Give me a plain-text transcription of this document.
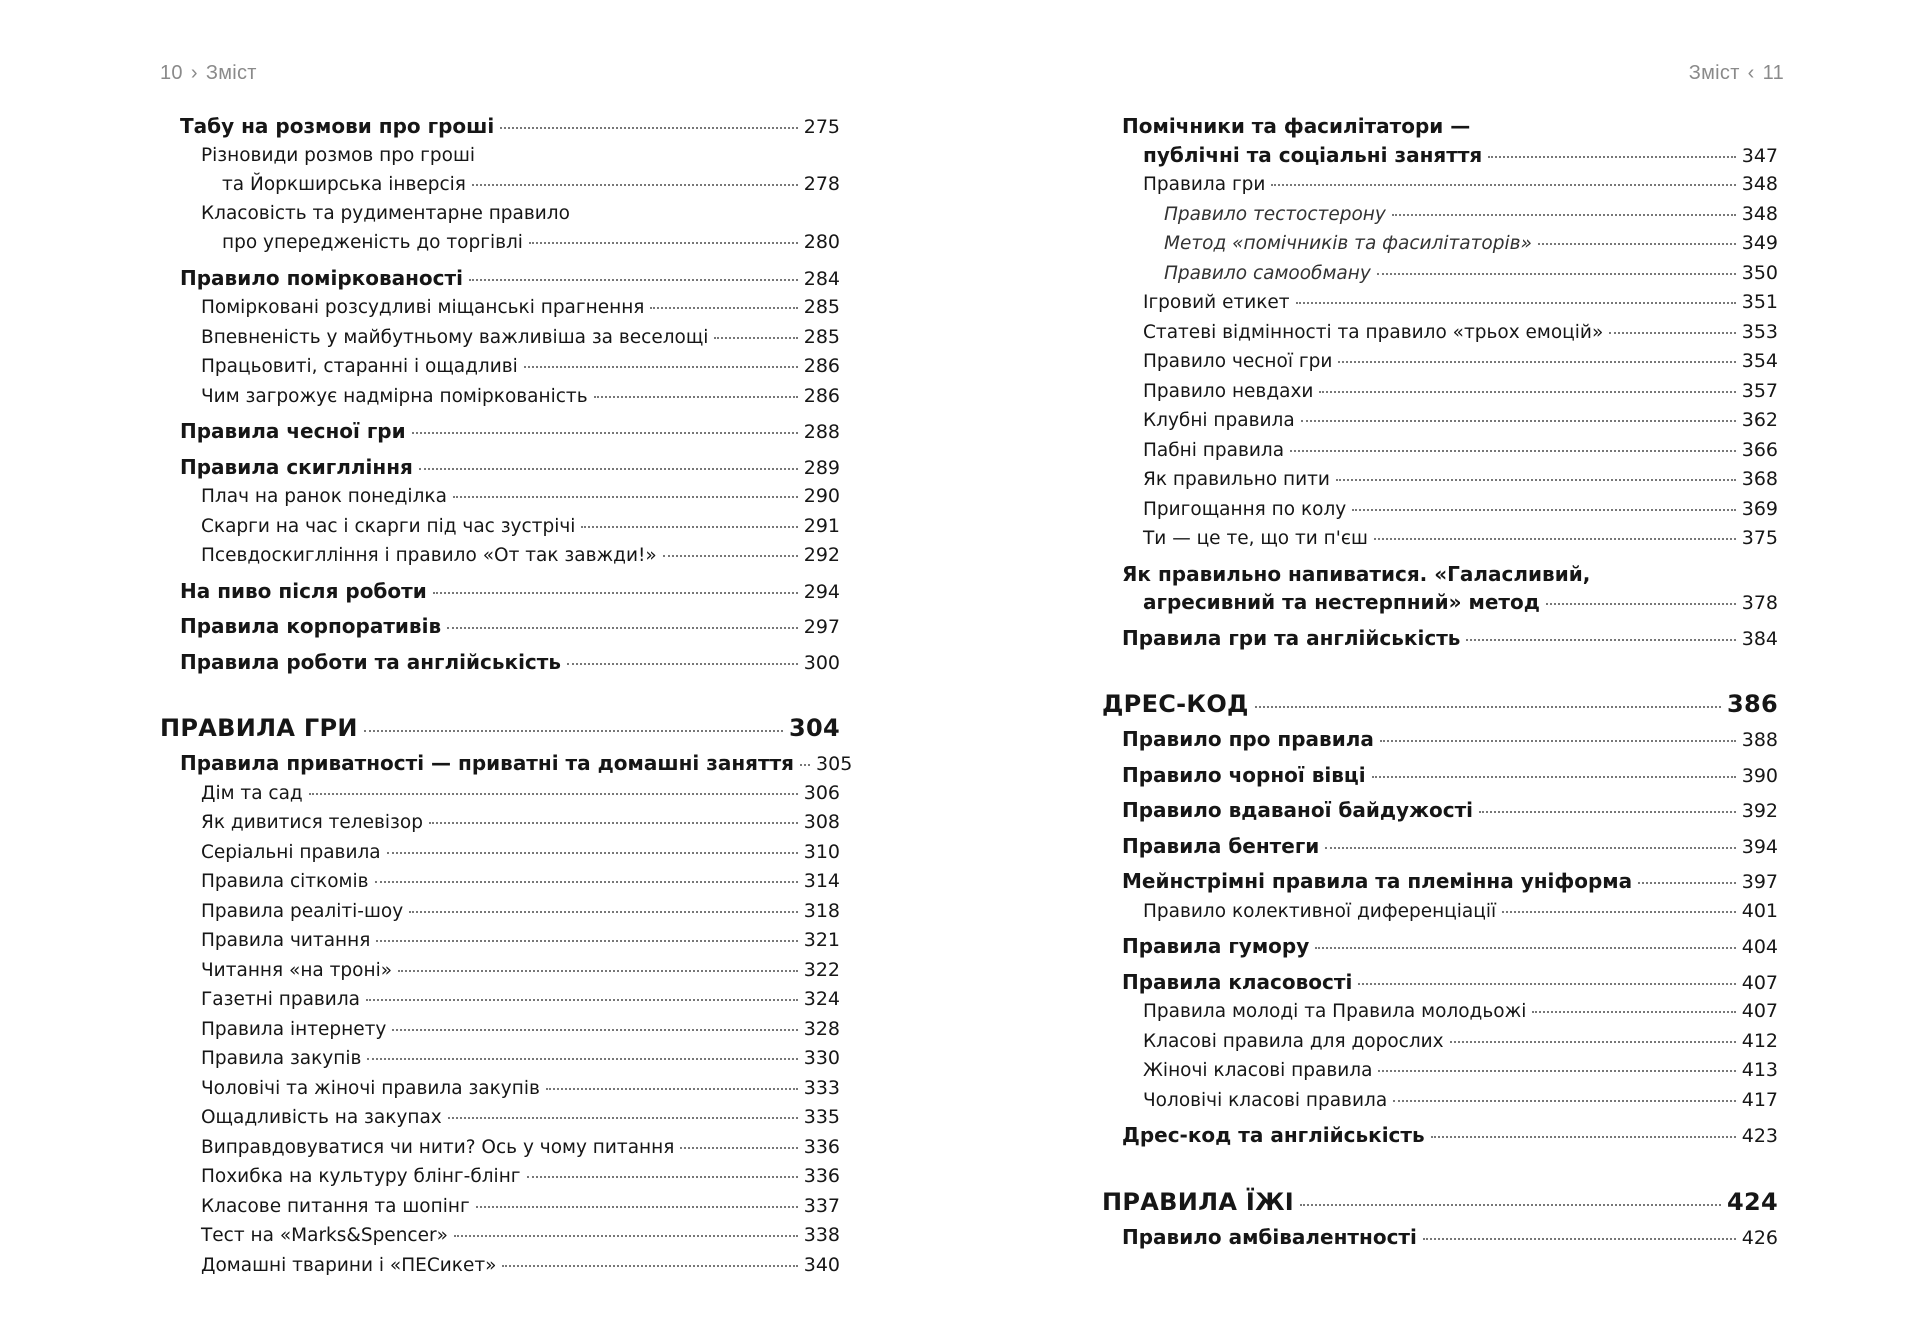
10 › Зміст
Табу на розмови про гроші	275
Різновиди розмов про гроші
та Йоркширська інверсія	278
Класовість та рудиментарне правило
про упередженість до торгівлі	280
Правило поміркованості	284
Помірковані розсудливі міщанські прагнення	285
Впевненість у майбутньому важливіша за веселощі	285
Працьовиті, старанні і ощадливі	286
Чим загрожує надмірна поміркованість	286
Правила чесної гри	288
Правила скиглління	289
Плач на ранок понеділка	290
Скарги на час і скарги під час зустрічі	291
Псевдоскиглління і правило «От так завжди!»	292
На пиво після роботи	294
Правила корпоративів	297
Правила роботи та англійськість	300
ПРАВИЛА ГРИ	304
Правила приватності — приватні та домашні заняття 305
Дім та сад	306
Як дивитися телевізор	308
Серіальні правила	310
Правила сіткомів	314
Правила реаліті-шоу	318
Правила читання	321
Читання «на троні»	322
Газетні правила	324
Правила інтернету	328
Правила закупів	330
Чоловічі та жіночі правила закупів	333
Ощадливість на закупах	335
Виправдовуватися чи нити? Ось у чому питання	336
Похибка на культуру блінг-блінг	336
Класове питання та шопінг	337
Тест на «Marks&Spencer»	338
Домашні тварини і «ПЕСикет»	340
Зміст ‹ 11
Помічники та фасилітатори —
публічні та соціальні заняття	347
Правила гри	348
Правило тестостерону	348
Метод «помічників та фасилітаторів»	349
Правило самообману	350
Ігровий етикет	351
Статеві відмінності та правило «трьох емоцій»	353
Правило чесної гри	354
Правило невдахи	357
Клубні правила	362
Пабні правила	366
Як правильно пити	368
Пригощання по колу	369
Ти — це те, що ти п'єш	375
Як правильно напиватися. «Галасливий,
агресивний та нестерпний» метод	378
Правила гри та англійськість	384
ДРЕС-КОД	386
Правило про правила	388
Правило чорної вівці	390
Правило вдаваної байдужості	392
Правила бентеги	394
Мейнстрімні правила та племінна уніформа	397
Правило колективної диференціації	401
Правила гумору	404
Правила класовості	407
Правила молоді та Правила молодьожі	407
Класові правила для дорослих	412
Жіночі класові правила	413
Чоловічі класові правила	417
Дрес-код та англійськість	423
ПРАВИЛА ЇЖІ	424
Правило амбівалентності	426
